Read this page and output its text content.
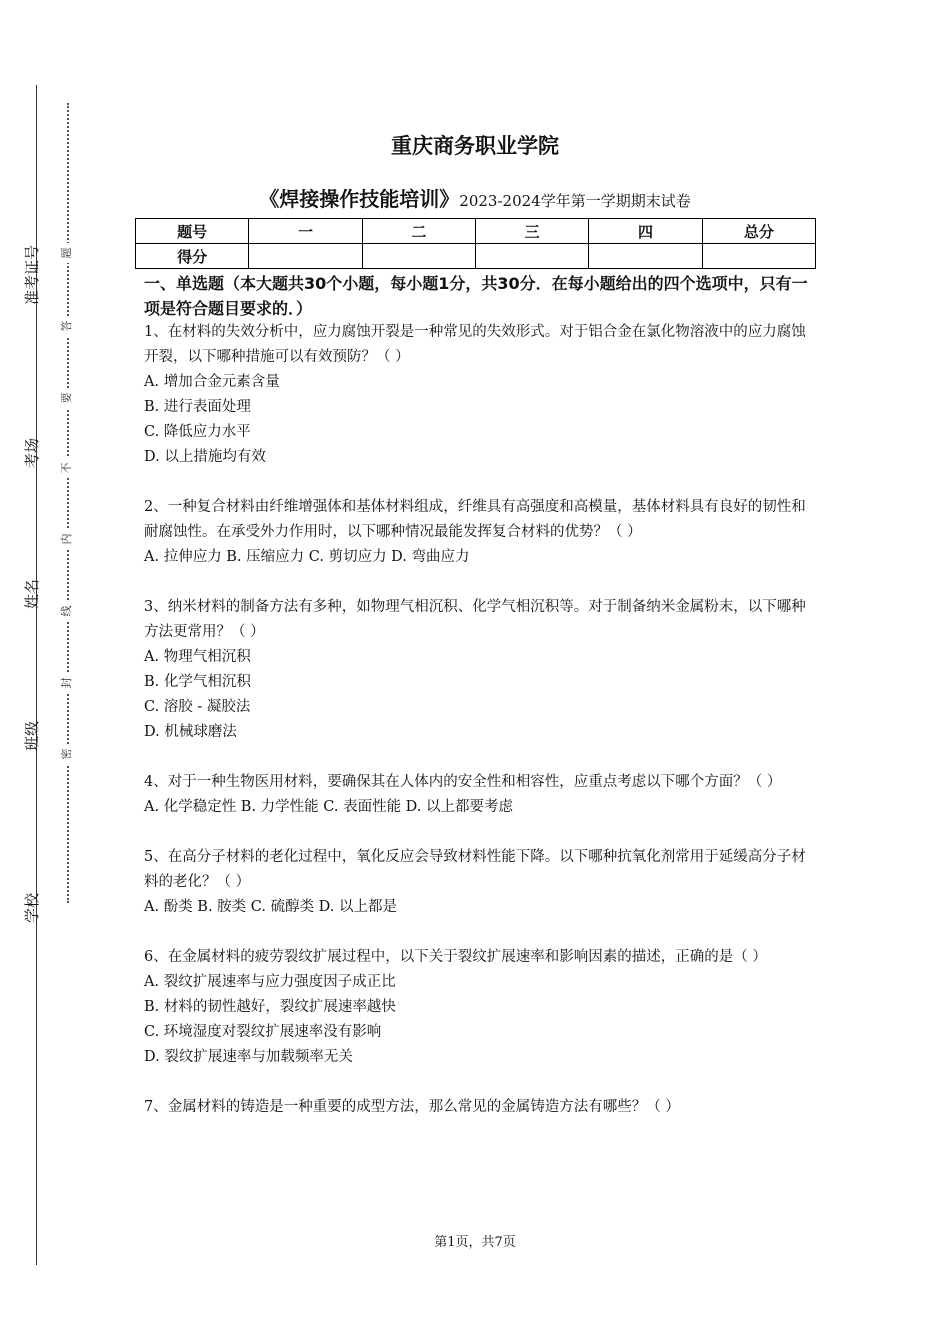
准考证号
考场
姓名
班级
学校
题
答
要
不
内
线
封
密
重庆商务职业学院
《焊接操作技能培训》2023-2024学年第一学期期末试卷
题号	一	二	三	四	总分
得分					
一、单选题（本大题共30个小题，每小题1分，共30分．在每小题给出的四个选项中，只有一项是符合题目要求的．）

1、在材料的失效分析中，应力腐蚀开裂是一种常见的失效形式。对于铝合金在氯化物溶液中的应力腐蚀开裂，以下哪种措施可以有效预防？（ ）

A. 增加合金元素含量

B. 进行表面处理

C. 降低应力水平

D. 以上措施均有效

2、一种复合材料由纤维增强体和基体材料组成，纤维具有高强度和高模量，基体材料具有良好的韧性和耐腐蚀性。在承受外力作用时，以下哪种情况最能发挥复合材料的优势？（ ）

A. 拉伸应力 B. 压缩应力 C. 剪切应力 D. 弯曲应力

3、纳米材料的制备方法有多种，如物理气相沉积、化学气相沉积等。对于制备纳米金属粉末，以下哪种方法更常用？（ ）

A. 物理气相沉积

B. 化学气相沉积

C. 溶胶 - 凝胶法

D. 机械球磨法

4、对于一种生物医用材料，要确保其在人体内的安全性和相容性，应重点考虑以下哪个方面？（ ）

A. 化学稳定性 B. 力学性能 C. 表面性能 D. 以上都要考虑

5、在高分子材料的老化过程中，氧化反应会导致材料性能下降。以下哪种抗氧化剂常用于延缓高分子材料的老化？（ ）

A. 酚类 B. 胺类 C. 硫醇类 D. 以上都是

6、在金属材料的疲劳裂纹扩展过程中，以下关于裂纹扩展速率和影响因素的描述，正确的是（ ）

A. 裂纹扩展速率与应力强度因子成正比

B. 材料的韧性越好，裂纹扩展速率越快

C. 环境湿度对裂纹扩展速率没有影响

D. 裂纹扩展速率与加载频率无关

7、金属材料的铸造是一种重要的成型方法，那么常见的金属铸造方法有哪些？（ ）

第1页，共7页
